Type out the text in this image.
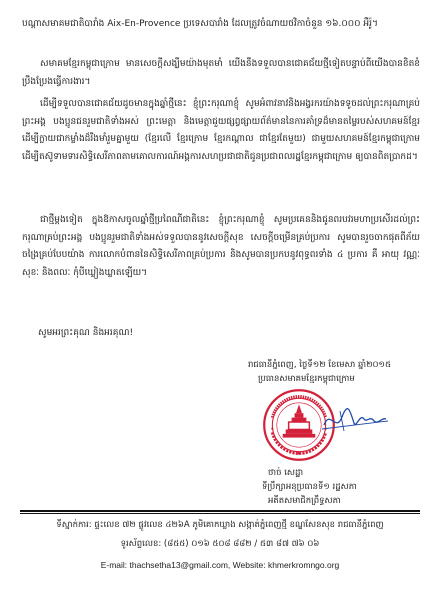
បណ្ដាសមាគមជាតិបារាំង Aix-En-Provence ប្រទេសបារាំង ដែលត្រូវចំណាយថវិកាចំនួន ១៦.០០០ អឺរ៉ូ។

សមាគមខ្មែរកម្ពុជាក្រោម មានសេចក្ដីសង្ឃឹមយ៉ាងមុតមាំ យើងនឹងទទួលបានជោគជ័យថ្មីទៀតបន្ទាប់ពីយើងបានខិតខំប្រឹងប្រែងធ្វើការងារ។

ដើម្បីទទួលបានជោគជ័យដូចមានក្នុងឆ្នាំថ្មីនេះ ខ្ញុំព្រះករុណាខ្ញុំ សូមអំពាវនាវនិងអង្វរករយ៉ាងទទូចដល់ព្រះករុណាគ្រប់ព្រះអង្គ បងប្អូនជនរួមជាតិទាំងអស់ ព្រះមេត្តា និងមេត្តាជួយផ្សព្វផ្សាយព័ត៌មាននៃការគាំទ្រដ៏មានតម្លៃរបស់សហគមន៍ខ្មែរ ដើម្បីក្លាយជាកម្លាំងដ៏រឹងមាំរួមគ្នាមួយ (ខ្មែរលើ ខ្មែរក្រោម ខ្មែរកណ្ដាល ជាខ្មែរតែមួយ) ជាមួយសហគមន៍ខ្មែរកម្ពុជាក្រោម ដើម្បីតស៊ូទាមទារសិទ្ធិសេរីភាពតាមគោលការណ៍អង្គការសហប្រជាជាតិជូនប្រជាពលរដ្ឋខ្មែរកម្ពុជាក្រោម ឲ្យបានពិតប្រាកដ។

ជាថ្មីម្ដងទៀត ក្នុងឱកាសចូលឆ្នាំថ្មីប្រពៃណីជាតិនេះ ខ្ញុំព្រះករុណាខ្ញុំ សូមប្រគេននិងជូនពរបវរមហាប្រសើរដល់ព្រះករុណាគ្រប់ព្រះអង្គ បងប្អូនរួមជាតិទាំងអស់ទទួលបាននូវសេចក្ដីសុខ សេចក្ដីចម្រើនគ្រប់ប្រការ សូមបានរួចចាកផុតពីភ័យចង្រៃគ្រប់បែបយ៉ាង ការលោកបំពាននៃសិទ្ធិសេរីភាពគ្រប់ប្រការ និងសូមបានប្រកបនូវពុទ្ធពរទាំង ៤ ប្រការ គឺ អាយុ វណ្ណៈ សុខៈ និងពលៈ កុំបីឃ្លៀងឃ្លាតឡើយ។

សូមអរព្រះគុណ និងអរគុណ!

រាជធានីភ្នំពេញ, ថ្ងៃទី១២ ខែមេសា ឆ្នាំ២០១៥
ប្រធានសមាគមខ្មែរកម្ពុជាក្រោម
ថាច់ សេដ្ឋា
ទីប្រឹក្សាអនុប្រធានទី១ រដ្ឋសភា
អតីតសមាជិកព្រឹទ្ធសភា
ទីស្នាក់ការ: ផ្ទះលេខ ៧២ ផ្លូវលេខ ៤២៦A ភូមិគោកឃ្លាង សង្កាត់ភ្នំពេញថ្មី ខណ្ឌសែនសុខ រាជធានីភ្នំពេញ
ទូរស័ព្ទលេខ: (៨៥៥) ០១៦ ៥០៨ ៨៨២ / ៥៣ ៨៧ ៧៦ ០៦
E-mail: thachsetha13@gmail.com, Website: khmerkromngo.org
